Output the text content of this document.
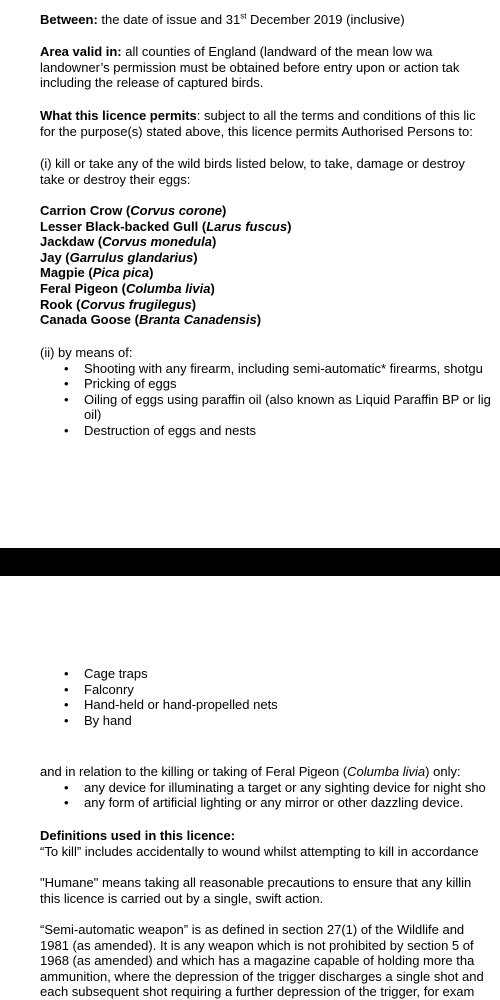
Between: the date of issue and 31st December 2019 (inclusive)

Area valid in: all counties of England (landward of the mean low wa

landowner’s permission must be obtained before entry upon or action tak

including the release of captured birds.

What this licence permits: subject to all the terms and conditions of this lic

for the purpose(s) stated above, this licence permits Authorised Persons to:

(i) kill or take any of the wild birds listed below, to take, damage or destroy

take or destroy their eggs:

Carrion Crow (Corvus corone)
Lesser Black-backed Gull (Larus fuscus)
Jackdaw (Corvus monedula)
Jay (Garrulus glandarius)
Magpie (Pica pica)
Feral Pigeon (Columba livia)
Rook (Corvus frugilegus)
Canada Goose (Branta Canadensis)

(ii) by means of:

• Shooting with any firearm, including semi-automatic* firearms, shotgu
• Pricking of eggs
• Oiling of eggs using paraffin oil (also known as Liquid Paraffin BP or lig
oil)
• Destruction of eggs and nests
• Cage traps
• Falconry
• Hand-held or hand-propelled nets
• By hand

and in relation to the killing or taking of Feral Pigeon (Columba livia) only:

• any device for illuminating a target or any sighting device for night sho
• any form of artificial lighting or any mirror or other dazzling device.

Definitions used in this licence:

“To kill” includes accidentally to wound whilst attempting to kill in accordance

"Humane" means taking all reasonable precautions to ensure that any killin

this licence is carried out by a single, swift action.

“Semi-automatic weapon” is as defined in section 27(1) of the Wildlife and

1981 (as amended). It is any weapon which is not prohibited by section 5 of

1968 (as amended) and which has a magazine capable of holding more tha

ammunition, where the depression of the trigger discharges a single shot and

each subsequent shot requiring a further depression of the trigger, for exam
